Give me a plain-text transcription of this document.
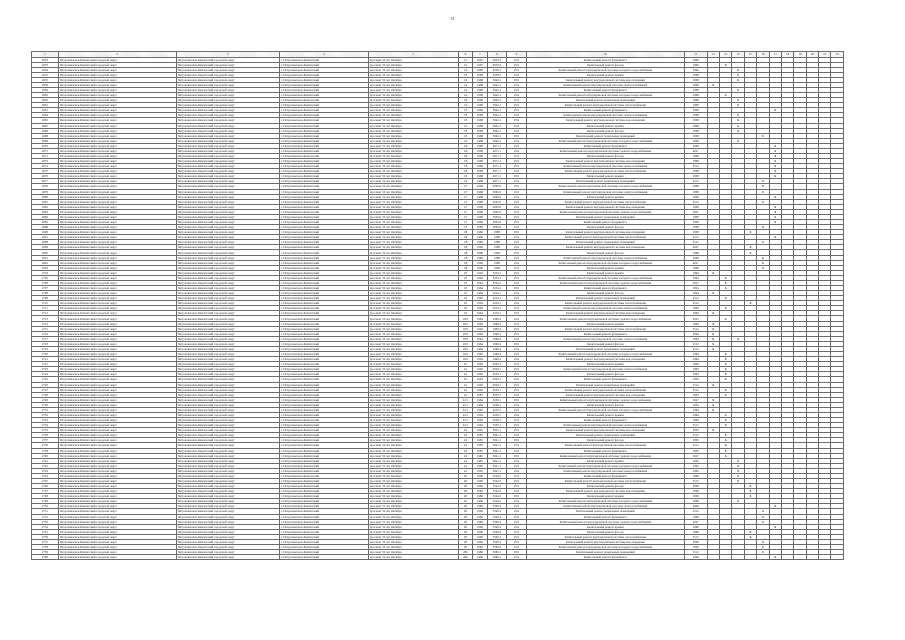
51
1	2	3	4	5	6	7	8	9	10	11	12	13	14	15	16	17	18	19	20	21	22
2633	Петропавловск-Камчатский городской округ	Петропавловск-Камчатский городской округ	г. Петропавловск-Камчатский	проспект 50 лет Октября	1/1	1967	2053.3	25.0	Капитальный ремонт фундамента	1860											
2633	Петропавловск-Камчатский городской округ	Петропавловск-Камчатский городской округ	г. Петропавловск-Камчатский	проспект 50 лет Октября	1/1	1967	2053.3	25.0	Капитальный ремонт фасада	1860		X									
2634	Петропавловск-Камчатский городской округ	Петропавловск-Камчатский городской округ	г. Петропавловск-Камчатский	проспект 50 лет Октября	1/2	1968	2058.1	25.0	Капитальный ремонт внутридомовой системы холодного водоснабжения	1862			X								
2635	Петропавловск-Камчатский городской округ	Петропавловск-Камчатский городской округ	г. Петропавловск-Камчатский	проспект 50 лет Октября	1/3	1968	2058.5	25.0	Капитальный ремонт крыши	1868			X								
2635	Петропавловск-Камчатский городской округ	Петропавловск-Камчатский городской округ	г. Петропавловск-Камчатский	проспект 50 лет Октября	1/4	1968	5942.1	25.0	Капитальный ремонт внутридомовой системы водоотведения	1868			X								
2636	Петропавловск-Камчатский городской округ	Петропавловск-Камчатский городской округ	г. Петропавловск-Камчатский	проспект 50 лет Октября	1/4	1968	5942.1	25.0	Капитальный ремонт внутридомовой системы электроснабжения	1868	X										
2636	Петропавловск-Камчатский городской округ	Петропавловск-Камчатский городской округ	г. Петропавловск-Камчатский	проспект 50 лет Октября	1/4	1968	5942.1	25.0	Капитальный ремонт фундамента	1868			X								
2640	Петропавловск-Камчатский городской округ	Петропавловск-Камчатский городской округ	г. Петропавловск-Камчатский	проспект 50 лет Октября	1/4	1968	5942.1	25.0	Капитальный ремонт внутридомовой системы холодного водоснабжения	1868		X									
2640	Петропавловск-Камчатский городской округ	Петропавловск-Камчатский городской округ	г. Петропавловск-Камчатский	проспект 50 лет Октября	1/4	1968	5942.1	25.0	Капитальный ремонт подвальных помещений	1868			X								
2661	Петропавловск-Камчатский городской округ	Петропавловск-Камчатский городской округ	г. Петропавловск-Камчатский	проспект 50 лет Октября	1/4	1968	5942.1	25.0	Капитальный ремонт внутридомовой системы теплоснабжения	1868			X								
2661	Петропавловск-Камчатский городской округ	Петропавловск-Камчатский городской округ	г. Петропавловск-Камчатский	проспект 50 лет Октября	1/5	1968	5942.1	25.0	Капитальный ремонт фундамента	1868						X					
2664	Петропавловск-Камчатский городской округ	Петропавловск-Камчатский городской округ	г. Петропавловск-Камчатский	проспект 50 лет Октября	1/5	1968	5942.1	25.0	Капитальный ремонт внутридомовой системы электроснабжения	1868			X								
2665	Петропавловск-Камчатский городской округ	Петропавловск-Камчатский городской округ	г. Петропавловск-Камчатский	проспект 50 лет Октября	1/5	1968	5942.1	25.0	Капитальный ремонт внутридомовой системы водоотведения	1868			X								
2665	Петропавловск-Камчатский городской округ	Петропавловск-Камчатский городской округ	г. Петропавловск-Камчатский	проспект 50 лет Октября	1/5	1968	5942.1	25.0	Капитальный ремонт крыши	1868			X								
2666	Петропавловск-Камчатский городской округ	Петропавловск-Камчатский городской округ	г. Петропавловск-Камчатский	проспект 50 лет Октября	1/5	1968	5942.1	25.0	Капитальный ремонт фасада	1868			X								
2668	Петропавловск-Камчатский городской округ	Петропавловск-Камчатский городской округ	г. Петропавловск-Камчатский	проспект 50 лет Октября	1/5	1968	5962.1	25.0	Капитальный ремонт подвальных помещений	1868					X						
2669	Петропавловск-Камчатский городской округ	Петропавловск-Камчатский городской округ	г. Петропавловск-Камчатский	проспект 50 лет Октября	1/5	1968	5962.1	25.0	Капитальный ремонт внутридомовой системы холодного водоснабжения	1868			X								
2670	Петропавловск-Камчатский городской округ	Петропавловск-Камчатский городской округ	г. Петропавловск-Камчатский	проспект 50 лет Октября	1/6	1968	4971.1	25.0	Капитальный ремонт фундамента	1868						X					
2671	Петропавловск-Камчатский городской округ	Петропавловск-Камчатский городской округ	г. Петропавловск-Камчатский	проспект 50 лет Октября	1/6	1968	4971.1	25.0	Капитальный ремонт внутридомовой системы горячего водоснабжения	2627						X					
2671	Петропавловск-Камчатский городской округ	Петропавловск-Камчатский городской округ	г. Петропавловск-Камчатский	проспект 50 лет Октября	1/6	1968	4971.1	25.0	Капитальный ремонт фасада	1868						X					
2673	Петропавловск-Камчатский городской округ	Петропавловск-Камчатский городской округ	г. Петропавловск-Камчатский	проспект 50 лет Октября	1/6	1968	4971.1	25.0	Капитальный ремонт внутридомовой системы водоотведения	1868						X					
2674	Петропавловск-Камчатский городской округ	Петропавловск-Камчатский городской округ	г. Петропавловск-Камчатский	проспект 50 лет Октября	1/6	1968	4971.1	25.0	Капитальный ремонт внутридомовой системы электроснабжения	2512						X					
2675	Петропавловск-Камчатский городской округ	Петропавловск-Камчатский городской округ	г. Петропавловск-Камчатский	проспект 50 лет Октября	1/6	1968	4971.1	25.0	Капитальный ремонт внутридомовой системы теплоснабжения	1868						X					
2676	Петропавловск-Камчатский городской округ	Петропавловск-Камчатский городской округ	г. Петропавловск-Камчатский	проспект 50 лет Октября	1/6	1968	4971.1	25.0	Капитальный ремонт крыши	1868						X					
2677	Петропавловск-Камчатский городской округ	Петропавловск-Камчатский городской округ	г. Петропавловск-Камчатский	проспект 50 лет Октября	1/6	1968	4971.1	25.0	Капитальный ремонт подвальных помещений	2512					X						
2678	Петропавловск-Камчатский городской округ	Петропавловск-Камчатский городской округ	г. Петропавловск-Камчатский	проспект 50 лет Октября	1/7	1968	3065.6	25.0	Капитальный ремонт внутридомовой системы холодного водоснабжения	1868					X						
2679	Петропавловск-Камчатский городской округ	Петропавловск-Камчатский городской округ	г. Петропавловск-Камчатский	проспект 50 лет Октября	1/7	1968	3065.6	25.0	Капитальный ремонт внутридомовой системы электроснабжения	1868					X						
2680	Петропавловск-Камчатский городской округ	Петропавловск-Камчатский городской округ	г. Петропавловск-Камчатский	проспект 50 лет Октября	1/7	1968	3065.6	25.0	Капитальный ремонт крыши	1868						X					
2681	Петропавловск-Камчатский городской округ	Петропавловск-Камчатский городской округ	г. Петропавловск-Камчатский	проспект 50 лет Октября	1/7	1968	3065.6	25.0	Капитальный ремонт внутридомовой системы теплоснабжения	2512					X						
2682	Петропавловск-Камчатский городской округ	Петропавловск-Камчатский городской округ	г. Петропавловск-Камчатский	проспект 50 лет Октября	1/7	1968	3065.6	25.0	Капитальный ремонт внутридомовой системы водоотведения	1868						X					
2683	Петропавловск-Камчатский городской округ	Петропавловск-Камчатский городской округ	г. Петропавловск-Камчатский	проспект 50 лет Октября	1/7	1968	3065.6	25.0	Капитальный ремонт внутридомовой системы горячего водоснабжения	2627						X					
2684	Петропавловск-Камчатский городской округ	Петропавловск-Камчатский городской округ	г. Петропавловск-Камчатский	проспект 50 лет Октября	1/7	1968	3065.6	25.0	Капитальный ремонт подвальных помещений	1868						X					
2685	Петропавловск-Камчатский городской округ	Петропавловск-Камчатский городской округ	г. Петропавловск-Камчатский	проспект 50 лет Октября	1/7	1968	3065.6	25.0	Капитальный ремонт фундамента	1868						X					
2686	Петропавловск-Камчатский городской округ	Петропавловск-Камчатский городской округ	г. Петропавловск-Камчатский	проспект 50 лет Октября	1/7	1968	3065.6	25.0	Капитальный ремонт фасада	1868					X						
2690	Петропавловск-Камчатский городской округ	Петропавловск-Камчатский городской округ	г. Петропавловск-Камчатский	проспект 50 лет Октября	1/8	1966	1988	25.0	Капитальный ремонт внутридомовой системы водоотведения	1868				X							
2691	Петропавловск-Камчатский городской округ	Петропавловск-Камчатский городской округ	г. Петропавловск-Камчатский	проспект 50 лет Октября	1/8	1966	1988	25.0	Капитальный ремонт внутридомовой системы теплоснабжения	2512						X					
2698	Петропавловск-Камчатский городской округ	Петропавловск-Камчатский городской округ	г. Петропавловск-Камчатский	проспект 50 лет Октября	1/8	1966	1988	25.0	Капитальный ремонт подвальных помещений	2512					X						
2699	Петропавловск-Камчатский городской округ	Петропавловск-Камчатский городской округ	г. Петропавловск-Камчатский	проспект 50 лет Октября	1/8	1966	1988	25.0	Капитальный ремонт внутридомовой системы водоотведения	2627				X							
2600	Петропавловск-Камчатский городской округ	Петропавловск-Камчатский городской округ	г. Петропавловск-Камчатский	проспект 50 лет Октября	1/8	1966	1988	25.0	Капитальный ремонт фасада	1868				X							
2601	Петропавловск-Камчатский городской округ	Петропавловск-Камчатский городской округ	г. Петропавловск-Камчатский	проспект 50 лет Октября	1/8	1966	1988	25.0	Капитальный ремонт внутридомовой системы электроснабжения	1868					X						
2602	Петропавловск-Камчатский городской округ	Петропавловск-Камчатский городской округ	г. Петропавловск-Камчатский	проспект 50 лет Октября	1/8	1966	1988	25.0	Капитальный ремонт внутридомовой системы холодного водоснабжения	2627					X						
2603	Петропавловск-Камчатский городской округ	Петропавловск-Камчатский городской округ	г. Петропавловск-Камчатский	проспект 50 лет Октября	1/8	1966	1988	25.0	Капитальный ремонт крыши	1868					X						
2704	Петропавловск-Камчатский городской округ	Петропавловск-Камчатский городской округ	г. Петропавловск-Камчатский	проспект 50 лет Октября	18	1964	3254.1	25.0	Капитальный ремонт крыши	1864	X										
2705	Петропавловск-Камчатский городской округ	Петропавловск-Камчатский городской округ	г. Петропавловск-Камчатский	проспект 50 лет Октября	18	1964	3254.1	25.0	Капитальный ремонт внутридомовой системы холодного водоснабжения	1864		X									
2706	Петропавловск-Камчатский городской округ	Петропавловск-Камчатский городской округ	г. Петропавловск-Камчатский	проспект 50 лет Октября	18	1964	3254.1	25.0	Капитальный ремонт внутридомовой системы горячего водоснабжения	2627		X									
2707	Петропавловск-Камчатский городской округ	Петропавловск-Камчатский городской округ	г. Петропавловск-Камчатский	проспект 50 лет Октября	18	1964	3254.1	25.0	Капитальный ремонт фундамента	1864		X									
2708	Петропавловск-Камчатский городской округ	Петропавловск-Камчатский городской округ	г. Петропавловск-Камчатский	проспект 50 лет Октября	18	1964	3254.1	25.0	Капитальный ремонт фасада	1864	X										
2709	Петропавловск-Камчатский городской округ	Петропавловск-Камчатский городской округ	г. Петропавловск-Камчатский	проспект 50 лет Октября	18	1964	3254.1	25.0	Капитальный ремонт подвальных помещений	2512		X									
2710	Петропавловск-Камчатский городской округ	Петропавловск-Камчатский городской округ	г. Петропавловск-Камчатский	проспект 50 лет Октября	18	1964	3254.1	25.0	Капитальный ремонт внутридомовой системы теплоснабжения	2512				X							
2711	Петропавловск-Камчатский городской округ	Петропавловск-Камчатский городской округ	г. Петропавловск-Камчатский	проспект 50 лет Октября	18	1964	3254.1	25.0	Капитальный ремонт внутридомовой системы электроснабжения	1864		X									
2712	Петропавловск-Камчатский городской округ	Петропавловск-Камчатский городской округ	г. Петропавловск-Камчатский	проспект 50 лет Октября	18	1964	3254.1	25.0	Капитальный ремонт внутридомовой системы водоотведения	1864	X										
2713	Петропавловск-Камчатский городской округ	Петропавловск-Камчатский городской округ	г. Петропавловск-Камчатский	проспект 50 лет Октября	18/2	1964	1960.4	25.0	Капитальный ремонт внутридомовой системы горячего водоснабжения	2627		X									
2714	Петропавловск-Камчатский городской округ	Петропавловск-Камчатский городской округ	г. Петропавловск-Камчатский	проспект 50 лет Октября	18/2	1964	1960.4	25.0	Капитальный ремонт крыши	1864	X										
2715	Петропавловск-Камчатский городской округ	Петропавловск-Камчатский городской округ	г. Петропавловск-Камчатский	проспект 50 лет Октября	18/2	1964	1960.4	25.0	Капитальный ремонт внутридомовой системы теплоснабжения	2512	X										
2716	Петропавловск-Камчатский городской округ	Петропавловск-Камчатский городской округ	г. Петропавловск-Камчатский	проспект 50 лет Октября	18/2	1964	1960.4	25.0	Капитальный ремонт фундамента	1864	X										
2717	Петропавловск-Камчатский городской округ	Петропавловск-Камчатский городской округ	г. Петропавловск-Камчатский	проспект 50 лет Октября	18/2	1964	1960.4	25.0	Капитальный ремонт внутридомовой системы электроснабжения	1864	X		X								
2718	Петропавловск-Камчатский городской округ	Петропавловск-Камчатский городской округ	г. Петропавловск-Камчатский	проспект 50 лет Октября	18/2	1964	1960.4	25.0	Капитальный ремонт фасада	2512	X										
2719	Петропавловск-Камчатский городской округ	Петропавловск-Камчатский городской округ	г. Петропавловск-Камчатский	проспект 50 лет Октября	18/2	1964	1960.4	25.0	Капитальный ремонт подвальных помещений	2512	X										
2720	Петропавловск-Камчатский городской округ	Петропавловск-Камчатский городской округ	г. Петропавловск-Камчатский	проспект 50 лет Октября	18/2	1964	1960.4	25.0	Капитальный ремонт внутридомовой системы холодного водоснабжения	1864		X									
2721	Петропавловск-Камчатский городской округ	Петропавловск-Камчатский городской округ	г. Петропавловск-Камчатский	проспект 50 лет Октября	18/2	1964	1960.4	25.0	Капитальный ремонт внутридомовой системы водоотведения	1864		X									
2722	Петропавловск-Камчатский городской округ	Петропавловск-Камчатский городской округ	г. Петропавловск-Камчатский	проспект 50 лет Октября	22	1963	4503.1	25.0	Капитальный ремонт крыши	1863		X									
2723	Петропавловск-Камчатский городской округ	Петропавловск-Камчатский городской округ	г. Петропавловск-Камчатский	проспект 50 лет Октября	22	1963	4503.1	25.0	Капитальный ремонт внутридомовой системы электроснабжения	1863		X									
2724	Петропавловск-Камчатский городской округ	Петропавловск-Камчатский городской округ	г. Петропавловск-Камчатский	проспект 50 лет Октября	22	1963	4503.1	25.0	Капитальный ремонт фасада	1863		X									
2725	Петропавловск-Камчатский городской округ	Петропавловск-Камчатский городской округ	г. Петропавловск-Камчатский	проспект 50 лет Октября	22	1963	4503.1	25.0	Капитальный ремонт фундамента	1863		X									
2726	Петропавловск-Камчатский городской округ	Петропавловск-Камчатский городской округ	г. Петропавловск-Камчатский	проспект 50 лет Октября	22	1963	4503.1	25.0	Капитальный ремонт подвальных помещений	2512	X										
2727	Петропавловск-Камчатский городской округ	Петропавловск-Камчатский городской округ	г. Петропавловск-Камчатский	проспект 50 лет Октября	22	1963	4503.1	25.0	Капитальный ремонт внутридомовой системы теплоснабжения	2512		X									
2728	Петропавловск-Камчатский городской округ	Петропавловск-Камчатский городской округ	г. Петропавловск-Камчатский	проспект 50 лет Октября	22	1963	4503.1	25.0	Капитальный ремонт внутридомовой системы водоотведения	1863		X									
2729	Петропавловск-Камчатский городской округ	Петропавловск-Камчатский городской округ	г. Петропавловск-Камчатский	проспект 50 лет Октября	22/1	1964	3230.1	25.0	Капитальный ремонт внутридомовой системы горячего водоснабжения	2627	X										
2730	Петропавловск-Камчатский городской округ	Петропавловск-Камчатский городской округ	г. Петропавловск-Камчатский	проспект 50 лет Октября	22/1	1964	3230.1	25.0	Капитальный ремонт фасада	1864	X										
2731	Петропавловск-Камчатский городской округ	Петропавловск-Камчатский городской округ	г. Петропавловск-Камчатский	проспект 50 лет Октября	22/1	1964	3230.1	25.0	Капитальный ремонт внутридомовой системы холодного водоснабжения	1864	X										
2732	Петропавловск-Камчатский городской округ	Петропавловск-Камчатский городской округ	г. Петропавловск-Камчатский	проспект 50 лет Октября	22/1	1964	3230.1	25.0	Капитальный ремонт крыши	1864		X									
2733	Петропавловск-Камчатский городской округ	Петропавловск-Камчатский городской округ	г. Петропавловск-Камчатский	проспект 50 лет Октября	22/1	1964	3230.1	25.0	Капитальный ремонт фундамента	1864		X									
2734	Петропавловск-Камчатский городской округ	Петропавловск-Камчатский городской округ	г. Петропавловск-Камчатский	проспект 50 лет Октября	22/1	1964	3230.1	25.0	Капитальный ремонт внутридомовой системы электроснабжения	2512		X									
2735	Петропавловск-Камчатский городской округ	Петропавловск-Камчатский городской округ	г. Петропавловск-Камчатский	проспект 50 лет Октября	24	1965	3921.1	25.0	Капитальный ремонт внутридомовой системы водоотведения	1865	X										
2736	Петропавловск-Камчатский городской округ	Петропавловск-Камчатский городской округ	г. Петропавловск-Камчатский	проспект 50 лет Октября	24	1965	3921.1	25.0	Капитальный ремонт подвальных помещений	2512		X									
2737	Петропавловск-Камчатский городской округ	Петропавловск-Камчатский городской округ	г. Петропавловск-Камчатский	проспект 50 лет Октября	24	1965	3921.1	25.0	Капитальный ремонт фасада	1865		X									
2738	Петропавловск-Камчатский городской округ	Петропавловск-Камчатский городской округ	г. Петропавловск-Камчатский	проспект 50 лет Октября	24	1965	3921.1	25.0	Капитальный ремонт внутридомовой системы теплоснабжения	2512		X									
2739	Петропавловск-Камчатский городской округ	Петропавловск-Камчатский городской округ	г. Петропавловск-Камчатский	проспект 50 лет Октября	24	1965	3921.1	25.0	Капитальный ремонт фундамента	1865		X									
2740	Петропавловск-Камчатский городской округ	Петропавловск-Камчатский городской округ	г. Петропавловск-Камчатский	проспект 50 лет Октября	24	1965	3921.1	25.0	Капитальный ремонт внутридомовой системы горячего водоснабжения	2627		X									
2741	Петропавловск-Камчатский городской округ	Петропавловск-Камчатский городской округ	г. Петропавловск-Камчатский	проспект 50 лет Октября	24	1965	3921.1	25.0	Капитальный ремонт крыши	1865			X								
2742	Петропавловск-Камчатский городской округ	Петропавловск-Камчатский городской округ	г. Петропавловск-Камчатский	проспект 50 лет Октября	24	1965	3921.1	25.0	Капитальный ремонт внутридомовой системы холодного водоснабжения	1865			X								
2743	Петропавловск-Камчатский городской округ	Петропавловск-Камчатский городской округ	г. Петропавловск-Камчатский	проспект 50 лет Октября	24	1965	3921.1	25.0	Капитальный ремонт внутридомовой системы электроснабжения	1865			X								
2744	Петропавловск-Камчатский городской округ	Петропавловск-Камчатский городской округ	г. Петропавловск-Камчатский	проспект 50 лет Октября	26	1966	3544.5	25.0	Капитальный ремонт фундамента	1866			X								
2745	Петропавловск-Камчатский городской округ	Петропавловск-Камчатский городской округ	г. Петропавловск-Камчатский	проспект 50 лет Октября	26	1966	3544.5	25.0	Капитальный ремонт внутридомовой системы теплоснабжения	2512			X								
2746	Петропавловск-Камчатский городской округ	Петропавловск-Камчатский городской округ	г. Петропавловск-Камчатский	проспект 50 лет Октября	26	1966	3544.5	25.0	Капитальный ремонт фасада	1866				X							
2747	Петропавловск-Камчатский городской округ	Петропавловск-Камчатский городской округ	г. Петропавловск-Камчатский	проспект 50 лет Октября	26	1966	3544.5	25.0	Капитальный ремонт внутридомовой системы водоотведения	1866				X							
2748	Петропавловск-Камчатский городской округ	Петропавловск-Камчатский городской округ	г. Петропавловск-Камчатский	проспект 50 лет Октября	26	1966	3544.5	25.0	Капитальный ремонт крыши	1866				X							
2749	Петропавловск-Камчатский городской округ	Петропавловск-Камчатский городской округ	г. Петропавловск-Камчатский	проспект 50 лет Октября	26	1966	3544.5	25.0	Капитальный ремонт внутридомовой системы холодного водоснабжения	1866			X								
2750	Петропавловск-Камчатский городской округ	Петропавловск-Камчатский городской округ	г. Петропавловск-Камчатский	проспект 50 лет Октября	28	1966	3590.4	25.0	Капитальный ремонт внутридомовой системы электроснабжения	1866						X					
2751	Петропавловск-Камчатский городской округ	Петропавловск-Камчатский городской округ	г. Петропавловск-Камчатский	проспект 50 лет Октября	28	1966	3590.4	25.0	Капитальный ремонт подвальных помещений	2512					X						
2752	Петропавловск-Камчатский городской округ	Петропавловск-Камчатский городской округ	г. Петропавловск-Камчатский	проспект 50 лет Октября	28	1966	3590.4	25.0	Капитальный ремонт фундамента	1866					X						
2753	Петропавловск-Камчатский городской округ	Петропавловск-Камчатский городской округ	г. Петропавловск-Камчатский	проспект 50 лет Октября	28	1966	3590.4	25.0	Капитальный ремонт внутридомовой системы горячего водоснабжения	2627					X						
2754	Петропавловск-Камчатский городской округ	Петропавловск-Камчатский городской округ	г. Петропавловск-Камчатский	проспект 50 лет Октября	28	1966	3590.4	25.0	Капитальный ремонт крыши	1866						X					
2755	Петропавловск-Камчатский городской округ	Петропавловск-Камчатский городской округ	г. Петропавловск-Камчатский	проспект 50 лет Октября	28	1966	3590.4	25.0	Капитальный ремонт фасада	1866				X							
2756	Петропавловск-Камчатский городской округ	Петропавловск-Камчатский городской округ	г. Петропавловск-Камчатский	проспект 50 лет Октября	28	1966	3590.4	25.0	Капитальный ремонт внутридомовой системы теплоснабжения	2512				X							
2757	Петропавловск-Камчатский городской округ	Петропавловск-Камчатский городской округ	г. Петропавловск-Камчатский	проспект 50 лет Октября	28	1966	3590.4	25.0	Капитальный ремонт внутридомовой системы водоотведения	1866					X						
2758	Петропавловск-Камчатский городской округ	Петропавловск-Камчатский городской округ	г. Петропавловск-Камчатский	проспект 50 лет Октября	28	1966	3590.4	25.0	Капитальный ремонт внутридомовой системы холодного водоснабжения	1866					X						
2759	Петропавловск-Камчатский городской округ	Петропавловск-Камчатский городской округ	г. Петропавловск-Камчатский	проспект 50 лет Октября	28a	1966	3082.1	25.0	Капитальный ремонт подвальных помещений	2512					X						
2760	Петропавловск-Камчатский городской округ	Петропавловск-Камчатский городской округ	г. Петропавловск-Камчатский	проспект 50 лет Октября	28a	1966	3082.1	25.0	Капитальный ремонт фундамента	1866						X					
